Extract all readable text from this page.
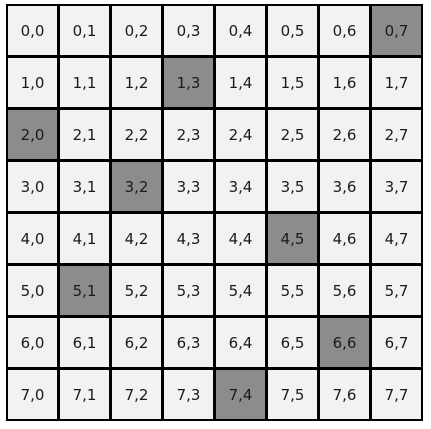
0,0	0,1	0,2	0,3	0,4	0,5	0,6	0,7
1,0	1,1	1,2	1,3	1,4	1,5	1,6	1,7
2,0	2,1	2,2	2,3	2,4	2,5	2,6	2,7
3,0	3,1	3,2	3,3	3,4	3,5	3,6	3,7
4,0	4,1	4,2	4,3	4,4	4,5	4,6	4,7
5,0	5,1	5,2	5,3	5,4	5,5	5,6	5,7
6,0	6,1	6,2	6,3	6,4	6,5	6,6	6,7
7,0	7,1	7,2	7,3	7,4	7,5	7,6	7,7
